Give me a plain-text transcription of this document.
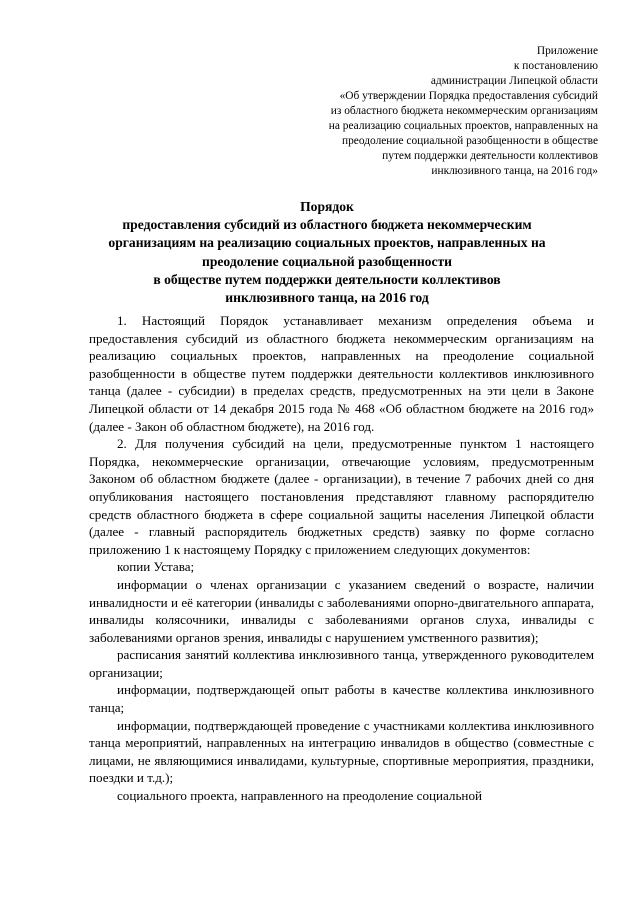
Приложение
к постановлению
администрации Липецкой области
«Об утверждении Порядка предоставления субсидий
из областного бюджета некоммерческим организациям
на реализацию социальных проектов, направленных на
преодоление социальной разобщенности в обществе
путем поддержки деятельности коллективов
инклюзивного танца, на 2016 год»
Порядок
предоставления субсидий из областного бюджета некоммерческим
организациям на реализацию социальных проектов, направленных на
преодоление социальной разобщенности
в обществе путем поддержки деятельности коллективов
инклюзивного танца, на 2016 год

1. Настоящий Порядок устанавливает механизм определения объема и предоставления субсидий из областного бюджета некоммерческим организациям на реализацию социальных проектов, направленных на преодоление социальной разобщенности в обществе путем поддержки деятельности коллективов инклюзивного танца (далее - субсидии) в пределах средств, предусмотренных на эти цели в Законе Липецкой области от 14 декабря 2015 года № 468 «Об областном бюджете на 2016 год» (далее - Закон об областном бюджете), на 2016 год.

2. Для получения субсидий на цели, предусмотренные пунктом 1 настоящего Порядка, некоммерческие организации, отвечающие условиям, предусмотренным Законом об областном бюджете (далее - организации), в течение 7 рабочих дней со дня опубликования настоящего постановления представляют главному распорядителю средств областного бюджета в сфере социальной защиты населения Липецкой области (далее - главный распорядитель бюджетных средств) заявку по форме согласно приложению 1 к настоящему Порядку с приложением следующих документов:

копии Устава;

информации о членах организации с указанием сведений о возрасте, наличии инвалидности и её категории (инвалиды с заболеваниями опорно-двигательного аппарата, инвалиды колясочники, инвалиды с заболеваниями органов слуха, инвалиды с заболеваниями органов зрения, инвалиды с нарушением умственного развития);

расписания занятий коллектива инклюзивного танца, утвержденного руководителем организации;

информации, подтверждающей опыт работы в качестве коллектива инклюзивного танца;

информации, подтверждающей проведение с участниками коллектива инклюзивного танца мероприятий, направленных на интеграцию инвалидов в общество (совместные с лицами, не являющимися инвалидами, культурные, спортивные мероприятия, праздники, поездки и т.д.);

социального проекта, направленного на преодоление социальной
